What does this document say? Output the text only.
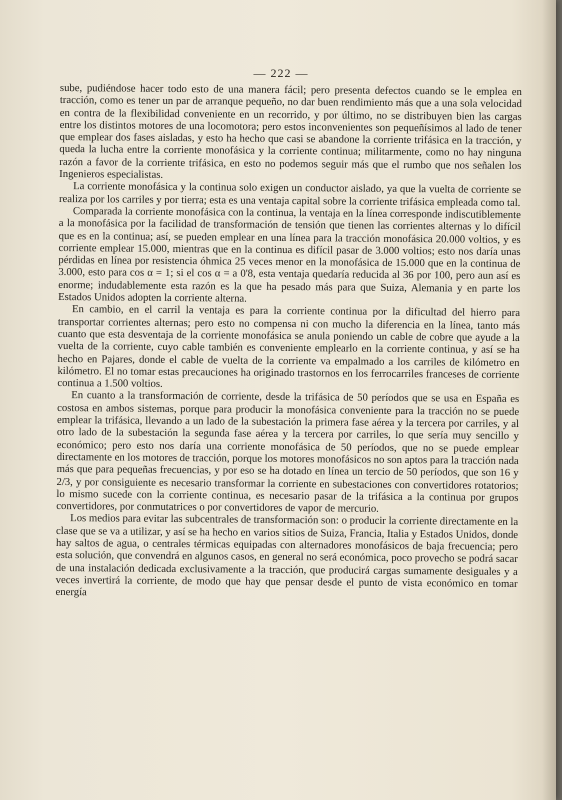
— 222 —

sube, pudiéndose hacer todo esto de una manera fácil; pero presenta defectos cuando se le emplea en tracción, como es tener un par de arranque pequeño, no dar buen rendimiento más que a una sola velocidad en contra de la flexibilidad conveniente en un recorrido, y por último, no se distribuyen bien las cargas entre los distintos motores de una locomotora; pero estos inconvenientes son pequeñísimos al lado de tener que emplear dos fases aisladas, y esto ha hecho que casi se abandone la corriente trifásica en la tracción, y queda la lucha entre la corriente monofásica y la corriente continua; militarmente, como no hay ninguna razón a favor de la corriente trifásica, en esto no podemos seguir más que el rumbo que nos señalen los Ingenieros especialistas.

La corriente monofásica y la continua solo exigen un conductor aislado, ya que la vuelta de corriente se realiza por los carriles y por tierra; esta es una ventaja capital sobre la corriente trifásica empleada como tal.

Comparada la corriente monofásica con la continua, la ventaja en la línea corresponde indiscutiblemente a la monofásica por la facilidad de transformación de tensión que tienen las corrientes alternas y lo difícil que es en la continua; así, se pueden emplear en una línea para la tracción monofásica 20.000 voltios, y es corriente emplear 15.000, mientras que en la continua es difícil pasar de 3.000 voltios; esto nos daría unas pérdidas en línea por resistencia óhmica 25 veces menor en la monofásica de 15.000 que en la continua de 3.000, esto para cos α = 1; si el cos α = a 0'8, esta ventaja quedaría reducida al 36 por 100, pero aun así es enorme; indudablemente esta razón es la que ha pesado más para que Suiza, Alemania y en parte los Estados Unidos adopten la corriente alterna.

En cambio, en el carril la ventaja es para la corriente continua por la dificultad del hierro para transportar corrientes alternas; pero esto no compensa ni con mucho la diferencia en la línea, tanto más cuanto que esta desventaja de la corriente monofásica se anula poniendo un cable de cobre que ayude a la vuelta de la corriente, cuyo cable también es conveniente emplearlo en la corriente continua, y así se ha hecho en Pajares, donde el cable de vuelta de la corriente va empalmado a los carriles de kilómetro en kilómetro. El no tomar estas precauciones ha originado trastornos en los ferrocarriles franceses de corriente continua a 1.500 voltios.

En cuanto a la transformación de corriente, desde la trifásica de 50 períodos que se usa en España es costosa en ambos sistemas, porque para producir la monofásica conveniente para la tracción no se puede emplear la trifásica, llevando a un lado de la subestación la primera fase aérea y la tercera por carriles, y al otro lado de la subestación la segunda fase aérea y la tercera por carriles, lo que sería muy sencillo y económico; pero esto nos daría una corriente monofásica de 50 períodos, que no se puede emplear directamente en los motores de tracción, porque los motores monofásicos no son aptos para la tracción nada más que para pequeñas frecuencias, y por eso se ha dotado en línea un tercio de 50 períodos, que son 16 y 2/3, y por consiguiente es necesario transformar la corriente en subestaciones con convertidores rotatorios; lo mismo sucede con la corriente continua, es necesario pasar de la trifásica a la continua por grupos convertidores, por conmutatrices o por convertidores de vapor de mercurio.

Los medios para evitar las subcentrales de transformación son: o producir la corriente directamente en la clase que se va a utilizar, y así se ha hecho en varios sitios de Suiza, Francia, Italia y Estados Unidos, donde hay saltos de agua, o centrales térmicas equipadas con alternadores monofásicos de baja frecuencia; pero esta solución, que convendrá en algunos casos, en general no será económica, poco provecho se podrá sacar de una instalación dedicada exclusivamente a la tracción, que producirá cargas sumamente desiguales y a veces invertirá la corriente, de modo que hay que pensar desde el punto de vista económico en tomar energía
